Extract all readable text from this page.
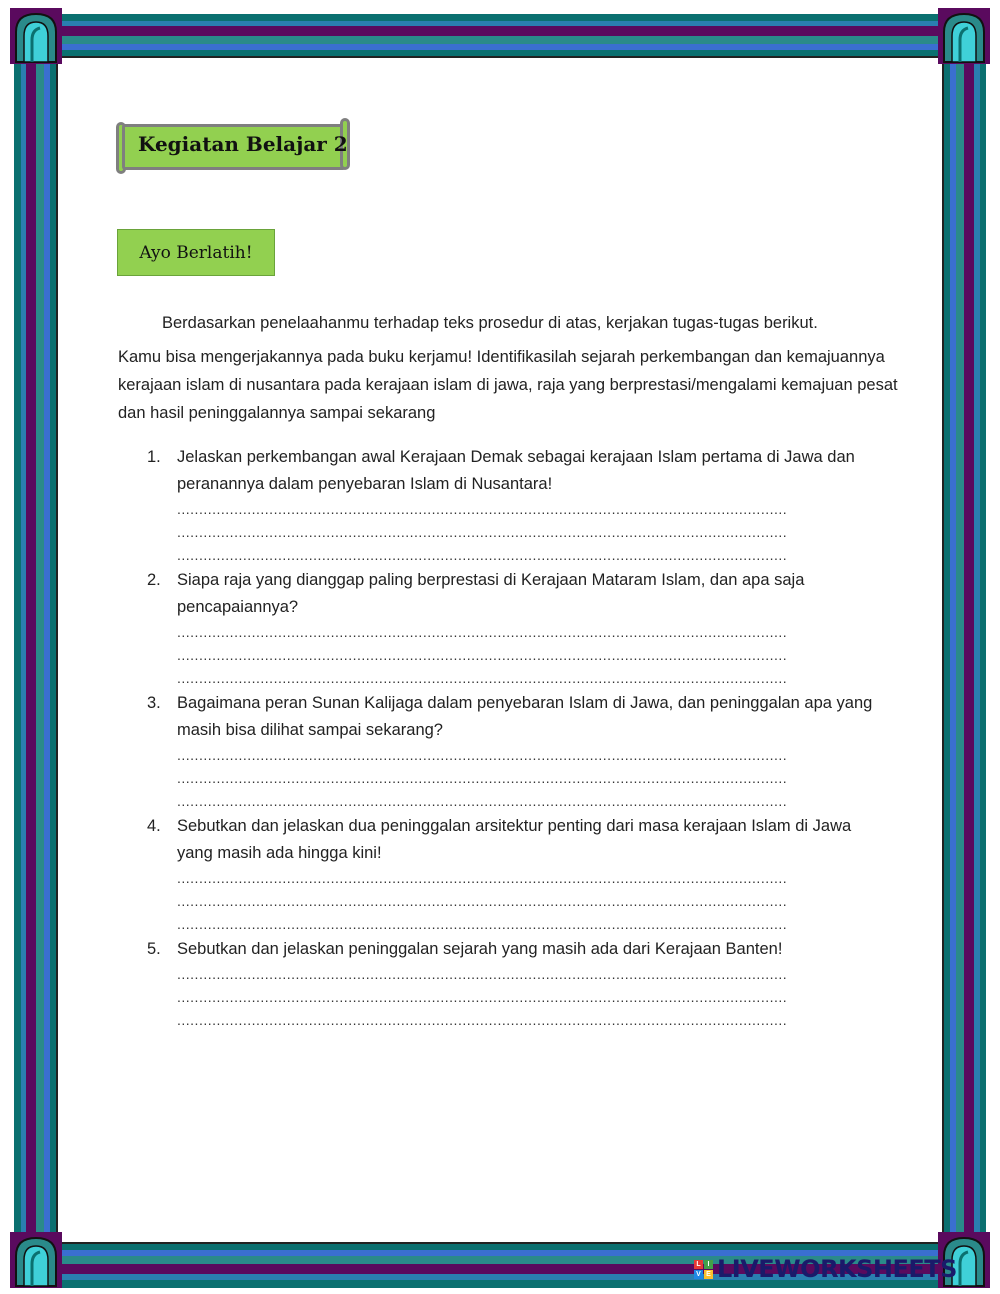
Kegiatan Belajar 2
Ayo Berlatih!
Berdasarkan penelaahanmu terhadap teks prosedur di atas, kerjakan tugas-tugas berikut.
Kamu bisa mengerjakannya pada buku kerjamu! Identifikasilah sejarah perkembangan dan kemajuannya kerajaan islam di nusantara pada kerajaan islam di jawa, raja yang berprestasi/mengalami kemajuan pesat dan hasil peninggalannya sampai sekarang
1. Jelaskan perkembangan awal Kerajaan Demak sebagai kerajaan Islam pertama di Jawa dan peranannya dalam penyebaran Islam di Nusantara!
...........................................................................................................................................
...........................................................................................................................................
...........................................................................................................................................
2. Siapa raja yang dianggap paling berprestasi di Kerajaan Mataram Islam, dan apa saja pencapaiannya?
...........................................................................................................................................
...........................................................................................................................................
...........................................................................................................................................
3. Bagaimana peran Sunan Kalijaga dalam penyebaran Islam di Jawa, dan peninggalan apa yang masih bisa dilihat sampai sekarang?
...........................................................................................................................................
...........................................................................................................................................
...........................................................................................................................................
4. Sebutkan dan jelaskan dua peninggalan arsitektur penting dari masa kerajaan Islam di Jawa yang masih ada hingga kini!
...........................................................................................................................................
...........................................................................................................................................
...........................................................................................................................................
5. Sebutkan dan jelaskan peninggalan sejarah yang masih ada dari Kerajaan Banten!
...........................................................................................................................................
...........................................................................................................................................
...........................................................................................................................................
L I
V E LIVEWORKSHEETS
